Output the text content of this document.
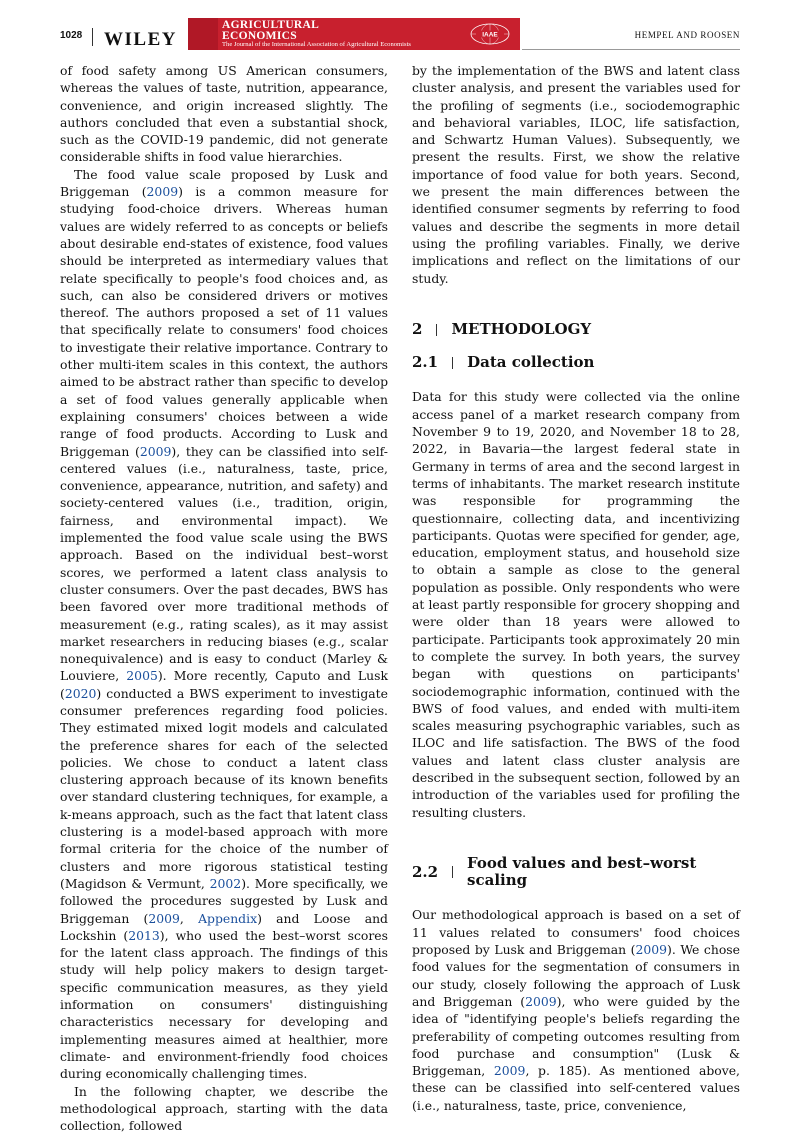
1028 WILEY
AGRICULTURAL
ECONOMICS
The Journal of the International Association of Agricultural Economists
IAAE	HEMPEL AND ROOSEN

of food safety among US American consumers, whereas the values of taste, nutrition, appearance, convenience, and origin increased slightly. The authors concluded that even a substantial shock, such as the COVID-19 pandemic, did not generate considerable shifts in food value hierarchies.

The food value scale proposed by Lusk and Briggeman (2009) is a common measure for studying food-choice drivers. Whereas human values are widely referred to as concepts or beliefs about desirable end-states of existence, food values should be interpreted as intermediary values that relate specifically to people's food choices and, as such, can also be considered drivers or motives thereof. The authors proposed a set of 11 values that specifically relate to consumers' food choices to investigate their relative importance. Contrary to other multi-item scales in this context, the authors aimed to be abstract rather than specific to develop a set of food values generally applicable when explaining consumers' choices between a wide range of food products. According to Lusk and Briggeman (2009), they can be classified into self-centered values (i.e., naturalness, taste, price, convenience, appearance, nutrition, and safety) and society-centered values (i.e., tradition, origin, fairness, and environmental impact). We implemented the food value scale using the BWS approach. Based on the individual best–worst scores, we performed a latent class analysis to cluster consumers. Over the past decades, BWS has been favored over more traditional methods of measurement (e.g., rating scales), as it may assist market researchers in reducing biases (e.g., scalar nonequivalence) and is easy to conduct (Marley & Louviere, 2005). More recently, Caputo and Lusk (2020) conducted a BWS experiment to investigate consumer preferences regarding food policies. They estimated mixed logit models and calculated the preference shares for each of the selected policies. We chose to conduct a latent class clustering approach because of its known benefits over standard clustering techniques, for example, a k-means approach, such as the fact that latent class clustering is a model-based approach with more formal criteria for the choice of the number of clusters and more rigorous statistical testing (Magidson & Vermunt, 2002). More specifically, we followed the procedures suggested by Lusk and Briggeman (2009, Appendix) and Loose and Lockshin (2013), who used the best–worst scores for the latent class approach. The findings of this study will help policy makers to design target-specific communication measures, as they yield information on consumers' distinguishing characteristics necessary for developing and implementing measures aimed at healthier, more climate- and environment-friendly food choices during economically challenging times.

In the following chapter, we describe the methodological approach, starting with the data collection, followed

by the implementation of the BWS and latent class cluster analysis, and present the variables used for the profiling of segments (i.e., sociodemographic and behavioral variables, ILOC, life satisfaction, and Schwartz Human Values). Subsequently, we present the results. First, we show the relative importance of food value for both years. Second, we present the main differences between the identified consumer segments by referring to food values and describe the segments in more detail using the profiling variables. Finally, we derive implications and reflect on the limitations of our study.

2 METHODOLOGY
2.1 Data collection

Data for this study were collected via the online access panel of a market research company from November 9 to 19, 2020, and November 18 to 28, 2022, in Bavaria—the largest federal state in Germany in terms of area and the second largest in terms of inhabitants. The market research institute was responsible for programming the questionnaire, collecting data, and incentivizing participants. Quotas were specified for gender, age, education, employment status, and household size to obtain a sample as close to the general population as possible. Only respondents who were at least partly responsible for grocery shopping and were older than 18 years were allowed to participate. Participants took approximately 20 min to complete the survey. In both years, the survey began with questions on participants' sociodemographic information, continued with the BWS of food values, and ended with multi-item scales measuring psychographic variables, such as ILOC and life satisfaction. The BWS of the food values and latent class cluster analysis are described in the subsequent section, followed by an introduction of the variables used for profiling the resulting clusters.

2.2 Food values and best–worst scaling

Our methodological approach is based on a set of 11 values related to consumers' food choices proposed by Lusk and Briggeman (2009). We chose food values for the segmentation of consumers in our study, closely following the approach of Lusk and Briggeman (2009), who were guided by the idea of "identifying people's beliefs regarding the preferability of competing outcomes resulting from food purchase and consumption" (Lusk & Briggeman, 2009, p. 185). As mentioned above, these can be classified into self-centered values (i.e., naturalness, taste, price, convenience,
